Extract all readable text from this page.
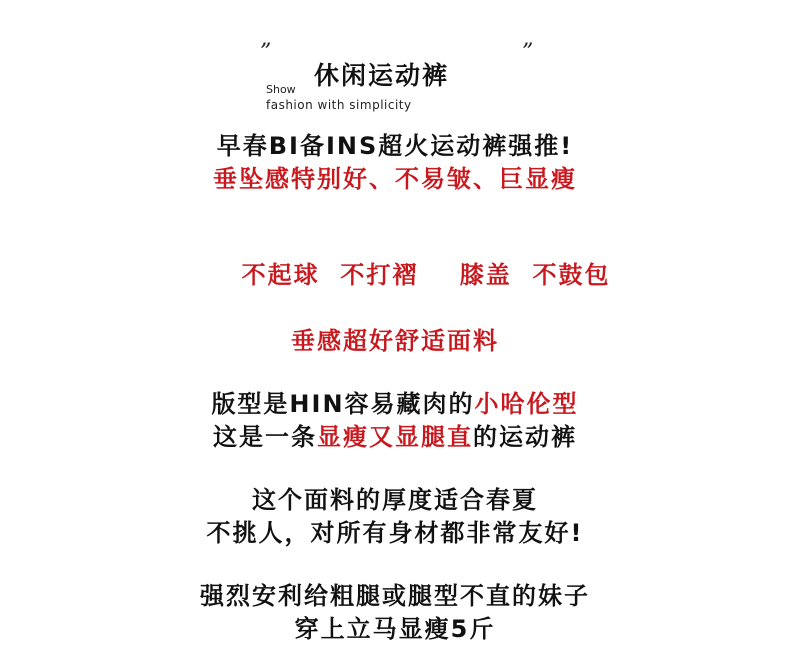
”
Show 休闲运动裤
”
fashion with simplicity
早春BI备INS超火运动裤强推!
垂坠感特别好、不易皱、巨显瘦

不起球  不打褶    膝盖  不鼓包

垂感超好舒适面料
版型是HIN容易藏肉的小哈伦型
这是一条显瘦又显腿直的运动裤
这个面料的厚度适合春夏
不挑人，对所有身材都非常友好!
强烈安利给粗腿或腿型不直的妹子
穿上立马显瘦5斤
